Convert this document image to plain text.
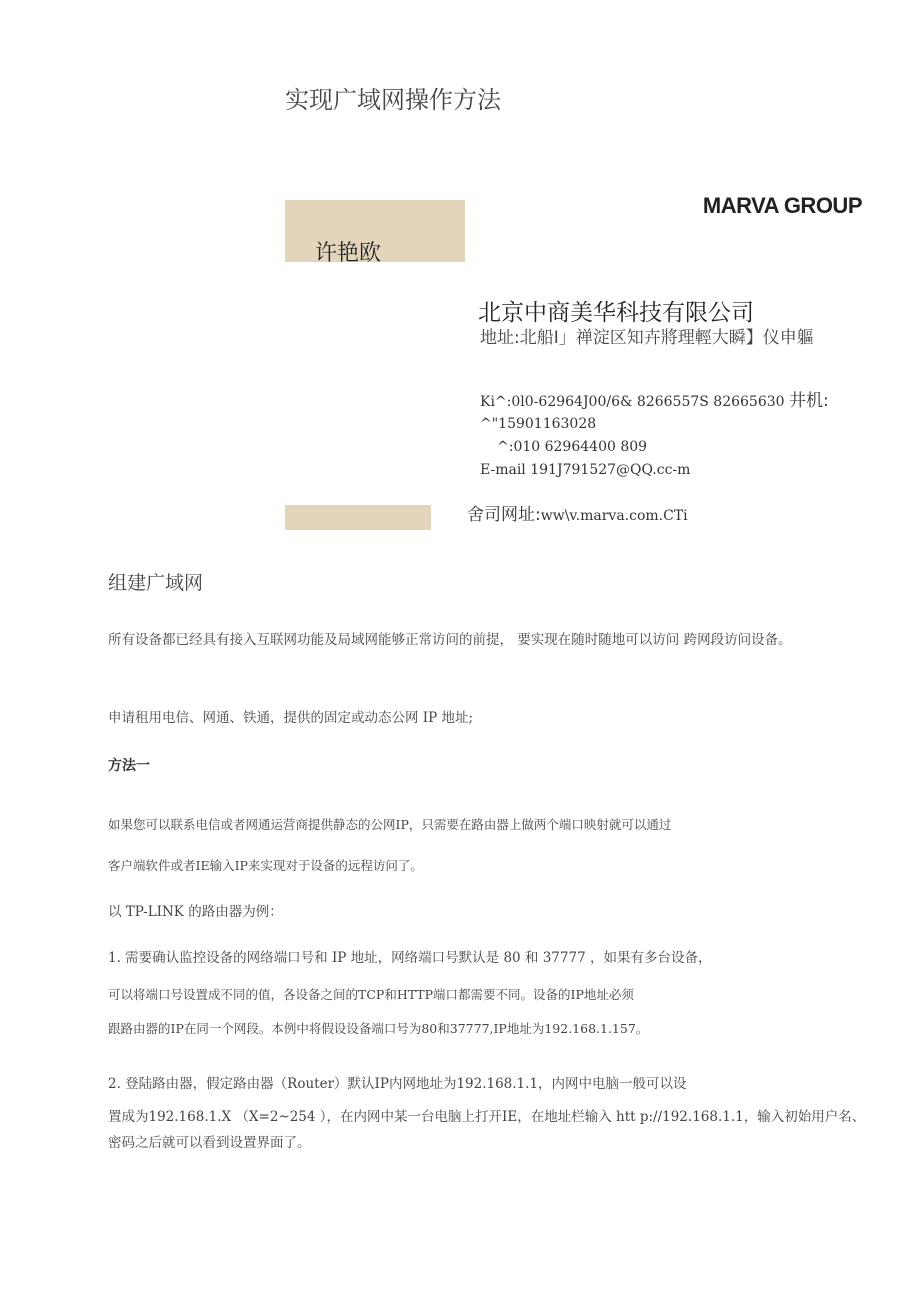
实现广域网操作方法
MARVA GROUP
许艳欧
北京中商美华科技有限公司
地址:北船I」禅淀区知卉將理輕大瞬】仪申軀
Ki^:0l0-62964J00/6& 8266557S 82665630 井机:
^"15901163028
^:010 62964400 809
E-mail 191J791527@QQ.cc-m
舍司网址:ww\v.marva.com.CTi
组建广域网
所有设备都已经具有接入互联网功能及局域网能够正常访问的前提， 要实现在随时随地可以访问 跨网段访问设备。
申请租用电信、网通、铁通，提供的固定或动态公网 IP 地址;
方法一
如果您可以联系电信或者网通运营商提供静态的公网IP，只需要在路由器上做两个端口映射就可以通过
客户端软件或者IE输入IP来实现对于设备的远程访问了。
以 TP-LINK 的路由器为例：
1. 需要确认监控设备的网络端口号和 IP 地址，网络端口号默认是 80 和 37777 ，如果有多台设备，
可以将端口号设置成不同的值，各设备之间的TCP和HTTP端口都需要不同。设备的IP地址必须
跟路由器的IP在同一个网段。本例中将假设设备端口号为80和37777,IP地址为192.168.1.157。
2. 登陆路由器，假定路由器（Router）默认IP内网地址为192.168.1.1，内网中电脑一般可以设
置成为192.168.1.X （X=2~254 ），在内网中某一台电脑上打开IE，在地址栏输入 htt p://192.168.1.1，输入初始用户名、密码之后就可以看到设置界面了。
